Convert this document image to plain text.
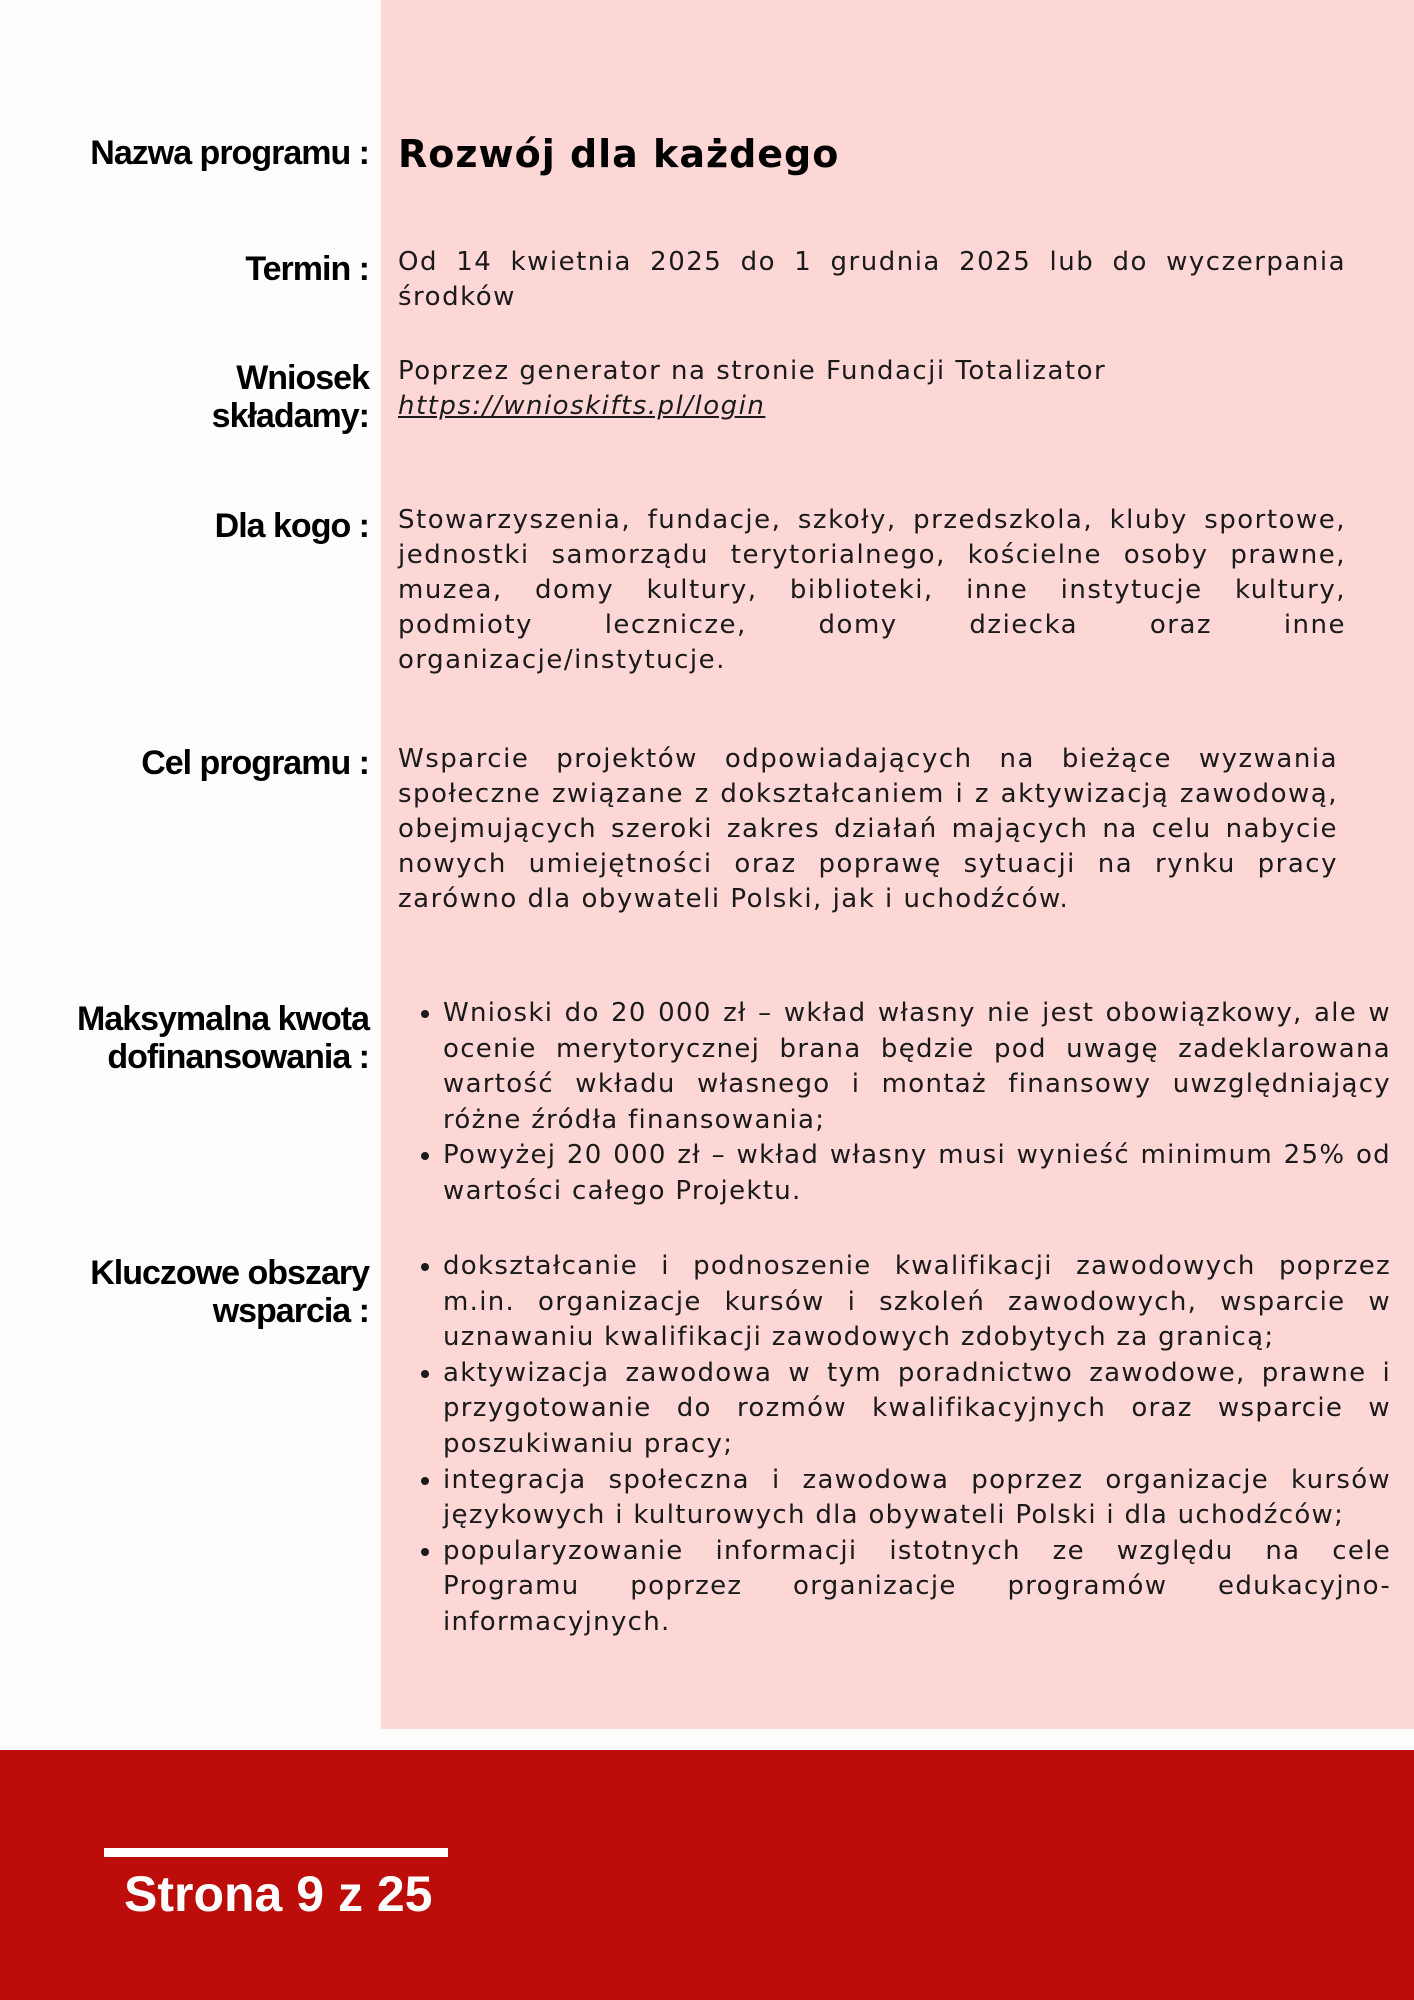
Nazwa programu : Rozwój dla każdego
Termin : Od 14 kwietnia 2025 do 1 grudnia 2025 lub do wyczerpania środków
Wniosek
składamy:
Poprzez generator na stronie Fundacji Totalizator
https://wnioskifts.pl/login
Dla kogo : Stowarzyszenia, fundacje, szkoły, przedszkola, kluby sportowe, jednostki samorządu terytorialnego, kościelne osoby prawne, muzea, domy kultury, biblioteki, inne instytucje kultury, podmioty lecznicze, domy dziecka oraz inne organizacje/instytucje.
Cel programu : Wsparcie projektów odpowiadających na bieżące wyzwania społeczne związane z dokształcaniem i z aktywizacją zawodową, obejmujących szeroki zakres działań mających na celu nabycie nowych umiejętności oraz poprawę sytuacji na rynku pracy zarówno dla obywateli Polski, jak i uchodźców.
Maksymalna kwota
dofinansowania :
• Wnioski do 20 000 zł – wkład własny nie jest obowiązkowy, ale w ocenie merytorycznej brana będzie pod uwagę zadeklarowana wartość wkładu własnego i montaż finansowy uwzględniający różne źródła finansowania;
• Powyżej 20 000 zł – wkład własny musi wynieść minimum 25% od wartości całego Projektu.
Kluczowe obszary
wsparcia :
• dokształcanie i podnoszenie kwalifikacji zawodowych poprzez m.in. organizacje kursów i szkoleń zawodowych, wsparcie w uznawaniu kwalifikacji zawodowych zdobytych za granicą;
• aktywizacja zawodowa w tym poradnictwo zawodowe, prawne i przygotowanie do rozmów kwalifikacyjnych oraz wsparcie w poszukiwaniu pracy;
• integracja społeczna i zawodowa poprzez organizacje kursów językowych i kulturowych dla obywateli Polski i dla uchodźców;
• popularyzowanie informacji istotnych ze względu na cele Programu poprzez organizacje programów edukacyjno-informacyjnych.
Strona 9 z 25
